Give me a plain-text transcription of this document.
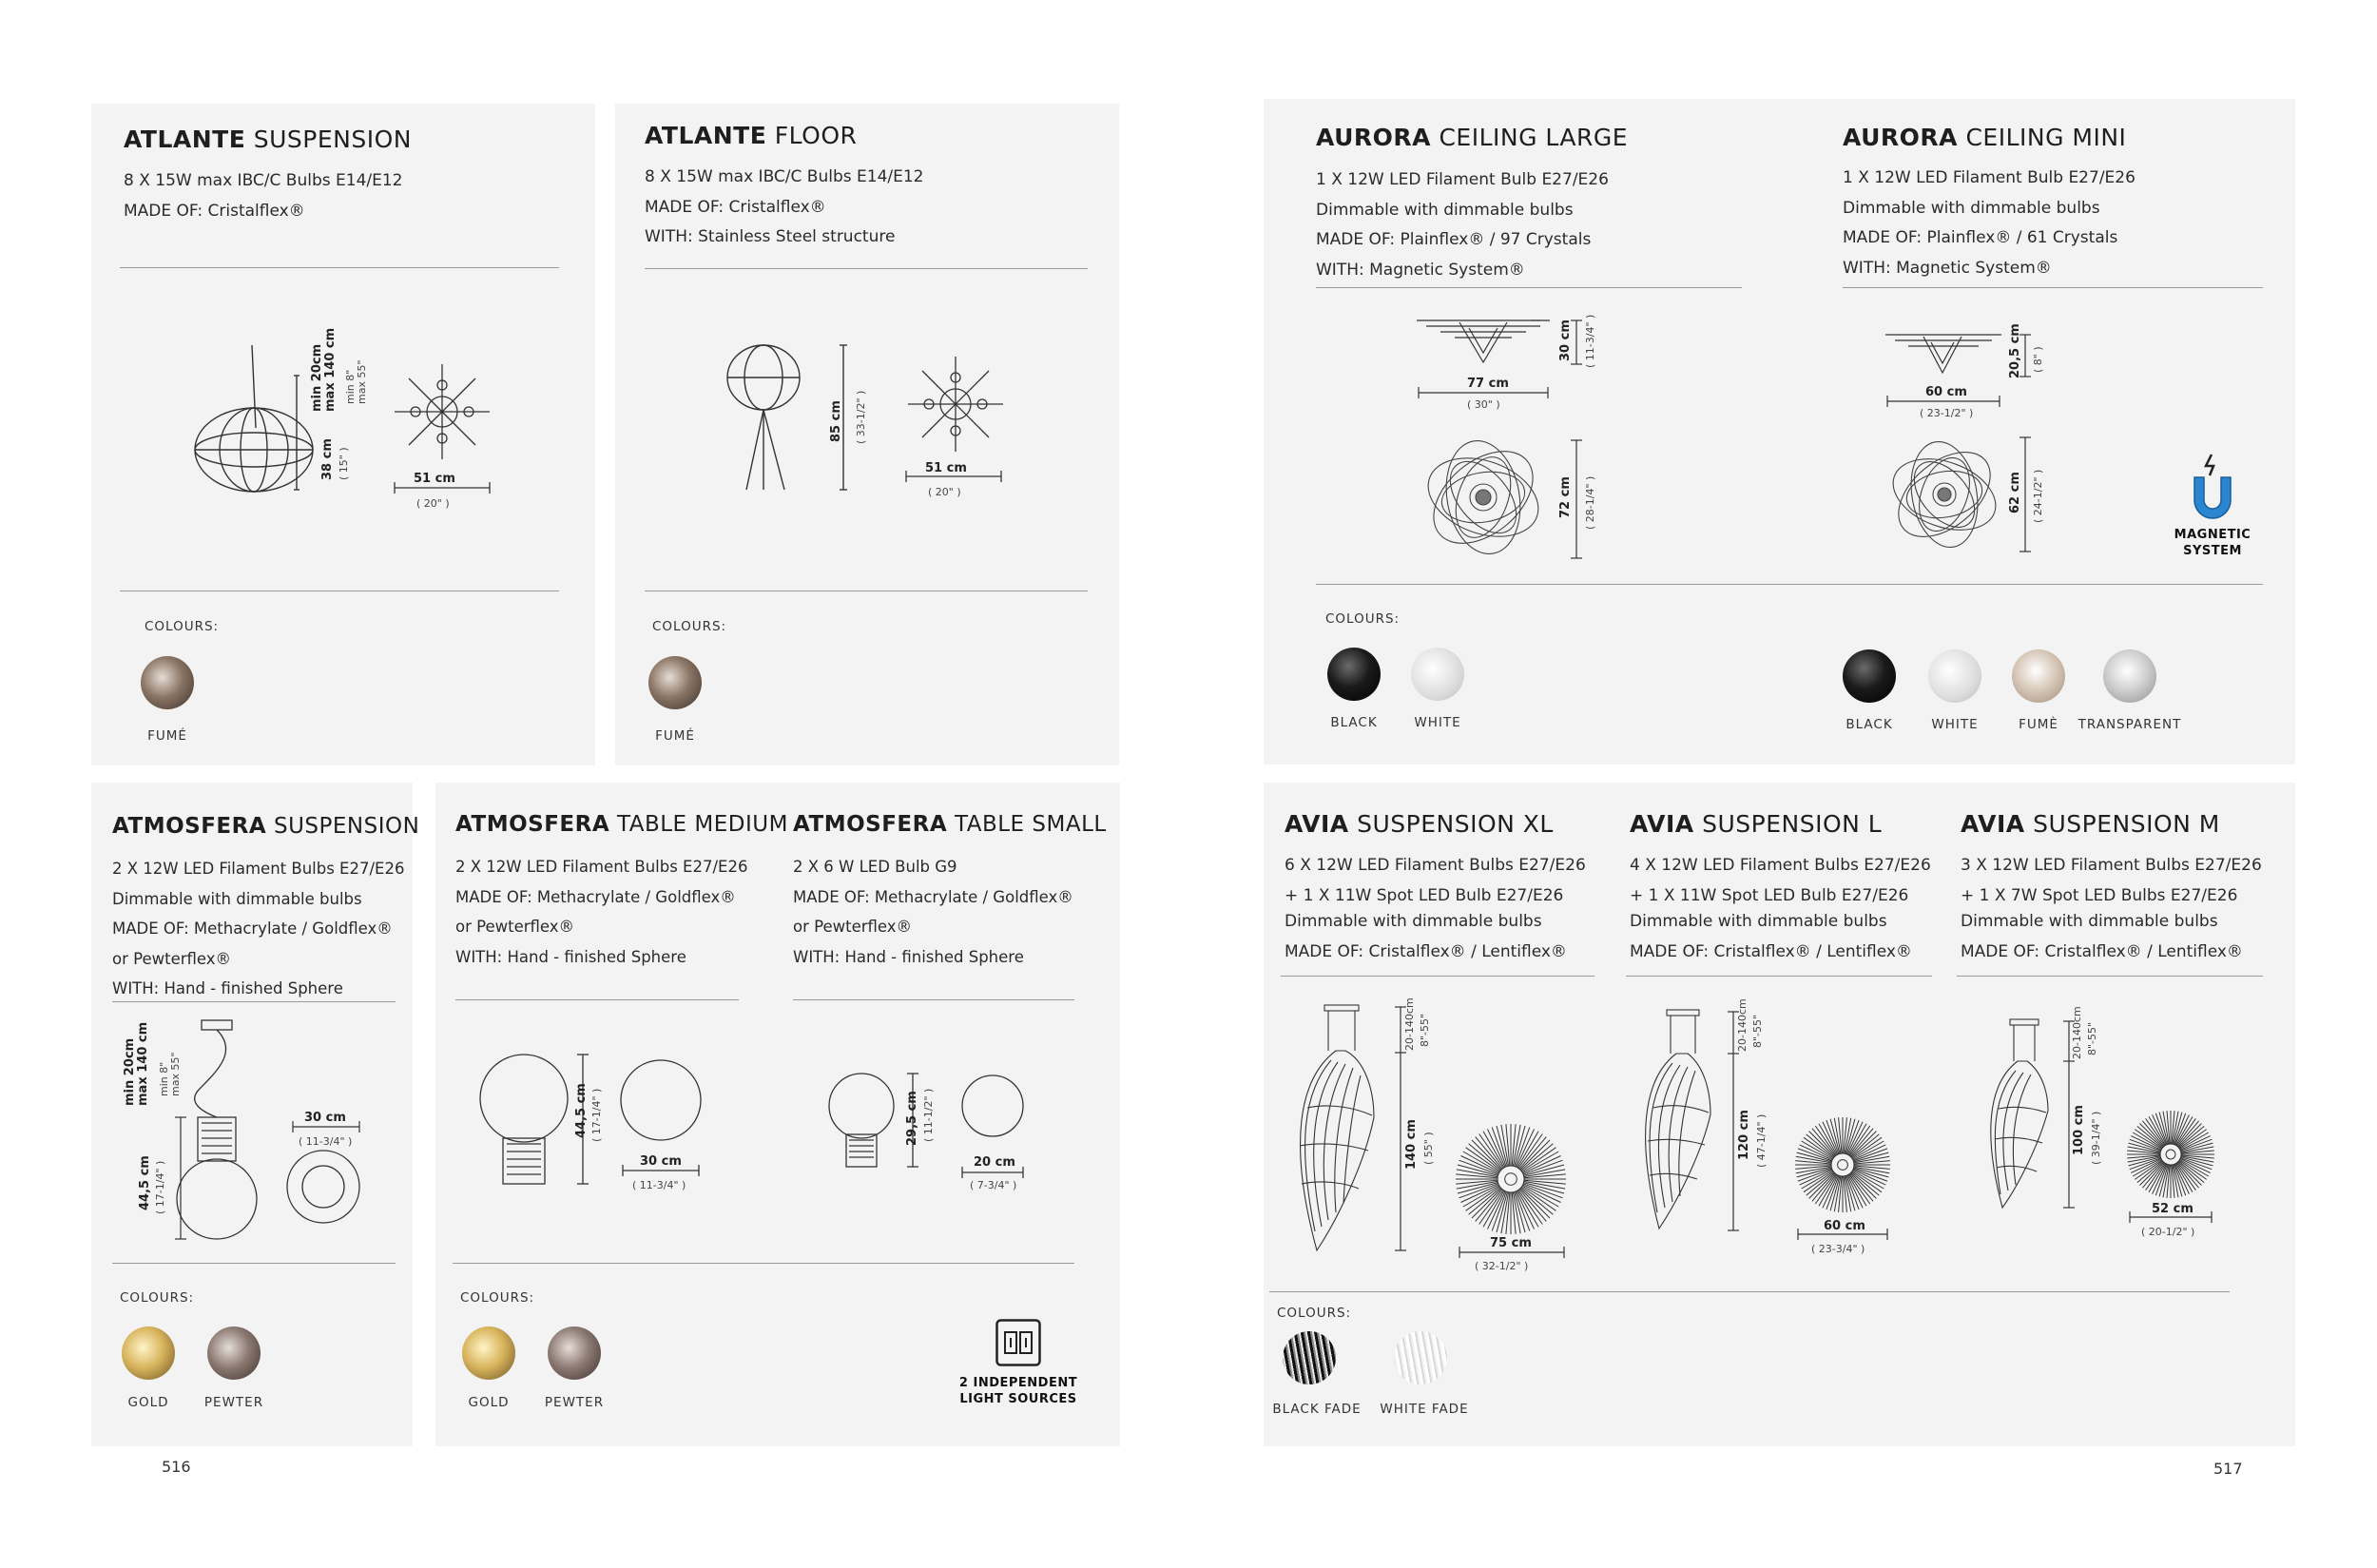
ATLANTE SUSPENSION
8 X 15W max IBC/C Bulbs E14/E12
MADE OF: Cristalflex®
38 cm ( 15" )
min 20cm max 140 cm min 8" max 55"
51 cm
( 20" )
COLOURS:
FUMÉ
ATLANTE FLOOR
8 X 15W max IBC/C Bulbs E14/E12
MADE OF: Cristalflex®
WITH: Stainless Steel structure
85 cm ( 33-1/2" )
51 cm
( 20" )
COLOURS:
FUMÉ
AURORA CEILING LARGE
1 X 12W LED Filament Bulb E27/E26
Dimmable with dimmable bulbs
MADE OF: Plainflex® / 97 Crystals
WITH: Magnetic System®
AURORA CEILING MINI
1 X 12W LED Filament Bulb E27/E26
Dimmable with dimmable bulbs
MADE OF: Plainflex® / 61 Crystals
WITH: Magnetic System®
77 cm
( 30" )
30 cm ( 11-3/4" )
72 cm ( 28-1/4" )
60 cm
( 23-1/2" )
20,5 cm ( 8" )
62 cm ( 24-1/2" )
MAGNETIC
SYSTEM
COLOURS:
BLACK	WHITE	BLACK	WHITE	FUMÈ	TRANSPARENT
ATMOSFERA SUSPENSION
2 X 12W LED Filament Bulbs E27/E26
Dimmable with dimmable bulbs
MADE OF: Methacrylate / Goldflex®
or Pewterflex®
WITH: Hand - finished Sphere
44,5 cm ( 17-1/4" )
min 20cm max 140 cm min 8" max 55"
30 cm
( 11-3/4" )
COLOURS:
GOLD	PEWTER
ATMOSFERA TABLE MEDIUM
2 X 12W LED Filament Bulbs E27/E26
MADE OF: Methacrylate / Goldflex®
or Pewterflex®
WITH: Hand - finished Sphere
44,5 cm ( 17-1/4" )
30 cm
( 11-3/4" )
ATMOSFERA TABLE SMALL
2 X 6 W LED Bulb G9
MADE OF: Methacrylate / Goldflex®
or Pewterflex®
WITH: Hand - finished Sphere
29,5 cm ( 11-1/2" )
20 cm
( 7-3/4" )
COLOURS:
GOLD	PEWTER
2 INDEPENDENT
LIGHT SOURCES
AVIA SUSPENSION XL
6 X 12W LED Filament Bulbs E27/E26
+ 1 X 11W Spot LED Bulb E27/E26
Dimmable with dimmable bulbs
MADE OF: Cristalflex® / Lentiflex®
AVIA SUSPENSION L
4 X 12W LED Filament Bulbs E27/E26
+ 1 X 11W Spot LED Bulb E27/E26
Dimmable with dimmable bulbs
MADE OF: Cristalflex® / Lentiflex®
AVIA SUSPENSION M
3 X 12W LED Filament Bulbs E27/E26
+ 1 X 7W Spot LED Bulbs E27/E26
Dimmable with dimmable bulbs
MADE OF: Cristalflex® / Lentiflex®
20-140cm 8"-55"
140 cm ( 55" )
75 cm
( 32-1/2" )
20-140cm 8"-55"
120 cm ( 47-1/4" )
60 cm
( 23-3/4" )
20-140cm 8"-55"
100 cm ( 39-1/4" )
52 cm
( 20-1/2" )
COLOURS:
BLACK FADE	WHITE FADE
516	517
